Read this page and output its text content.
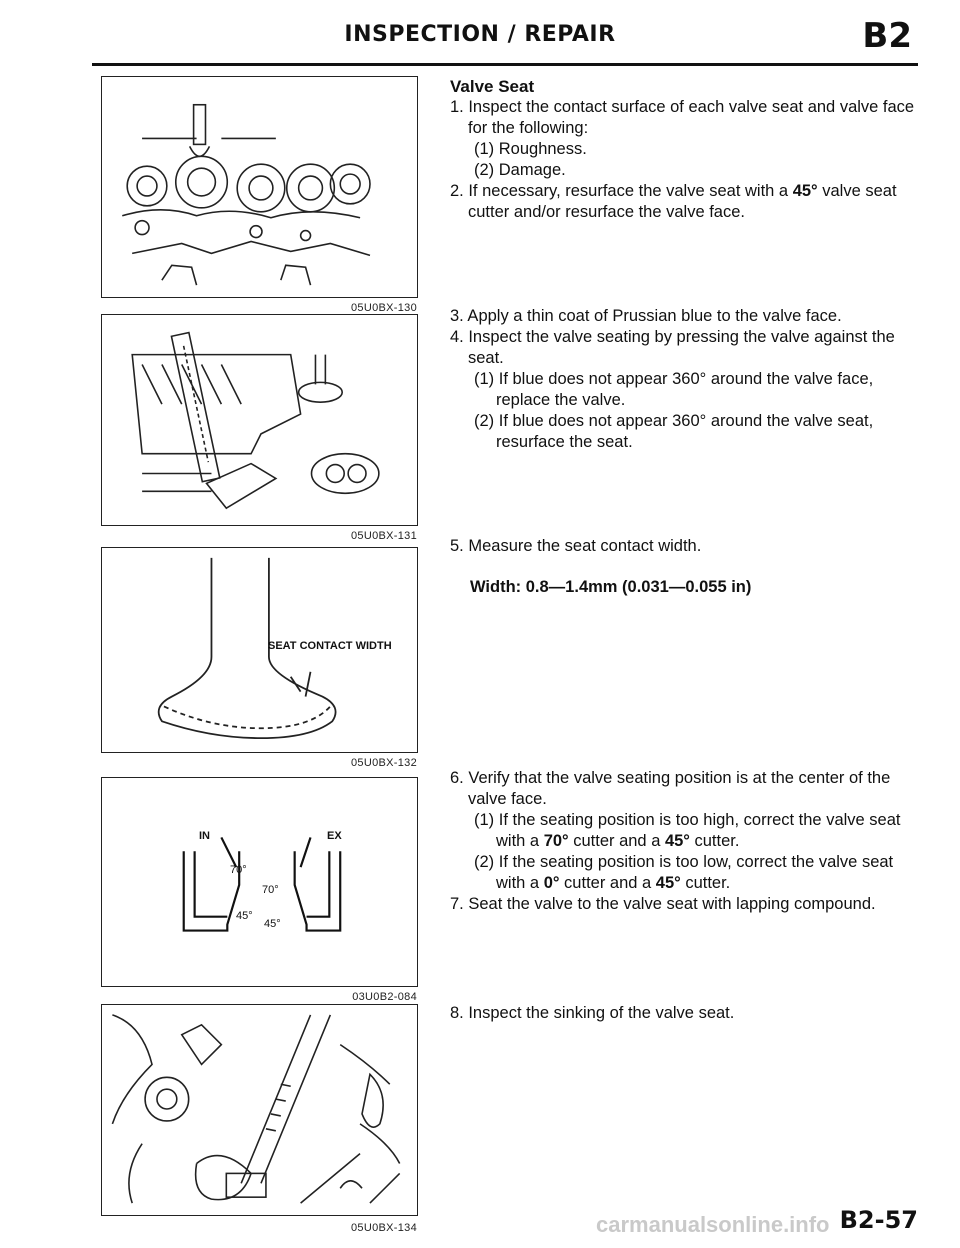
INSPECTION / REPAIR	B2
05U0BX-130
05U0BX-131
SEAT CONTACT WIDTH
05U0BX-132
IN	EX
70°
70°
45°
45°
03U0B2-084
05U0BX-134

Valve Seat

1. Inspect the contact surface of each valve seat and valve face for the following:

(1) Roughness.

(2) Damage.

2. If necessary, resurface the valve seat with a 45° valve seat cutter and/or resurface the valve face.

3. Apply a thin coat of Prussian blue to the valve face.

4. Inspect the valve seating by pressing the valve against the seat.

(1) If blue does not appear 360° around the valve face, replace the valve.

(2) If blue does not appear 360° around the valve seat, resurface the seat.

5. Measure the seat contact width.

Width: 0.8—1.4mm (0.031—0.055 in)

6. Verify that the valve seating position is at the center of the valve face.

(1) If the seating position is too high, correct the valve seat with a 70° cutter and a 45° cutter.

(2) If the seating position is too low, correct the valve seat with a 0° cutter and a 45° cutter.

7. Seat the valve to the valve seat with lapping compound.

8. Inspect the sinking of the valve seat.

carmanualsonline.info B2-57
